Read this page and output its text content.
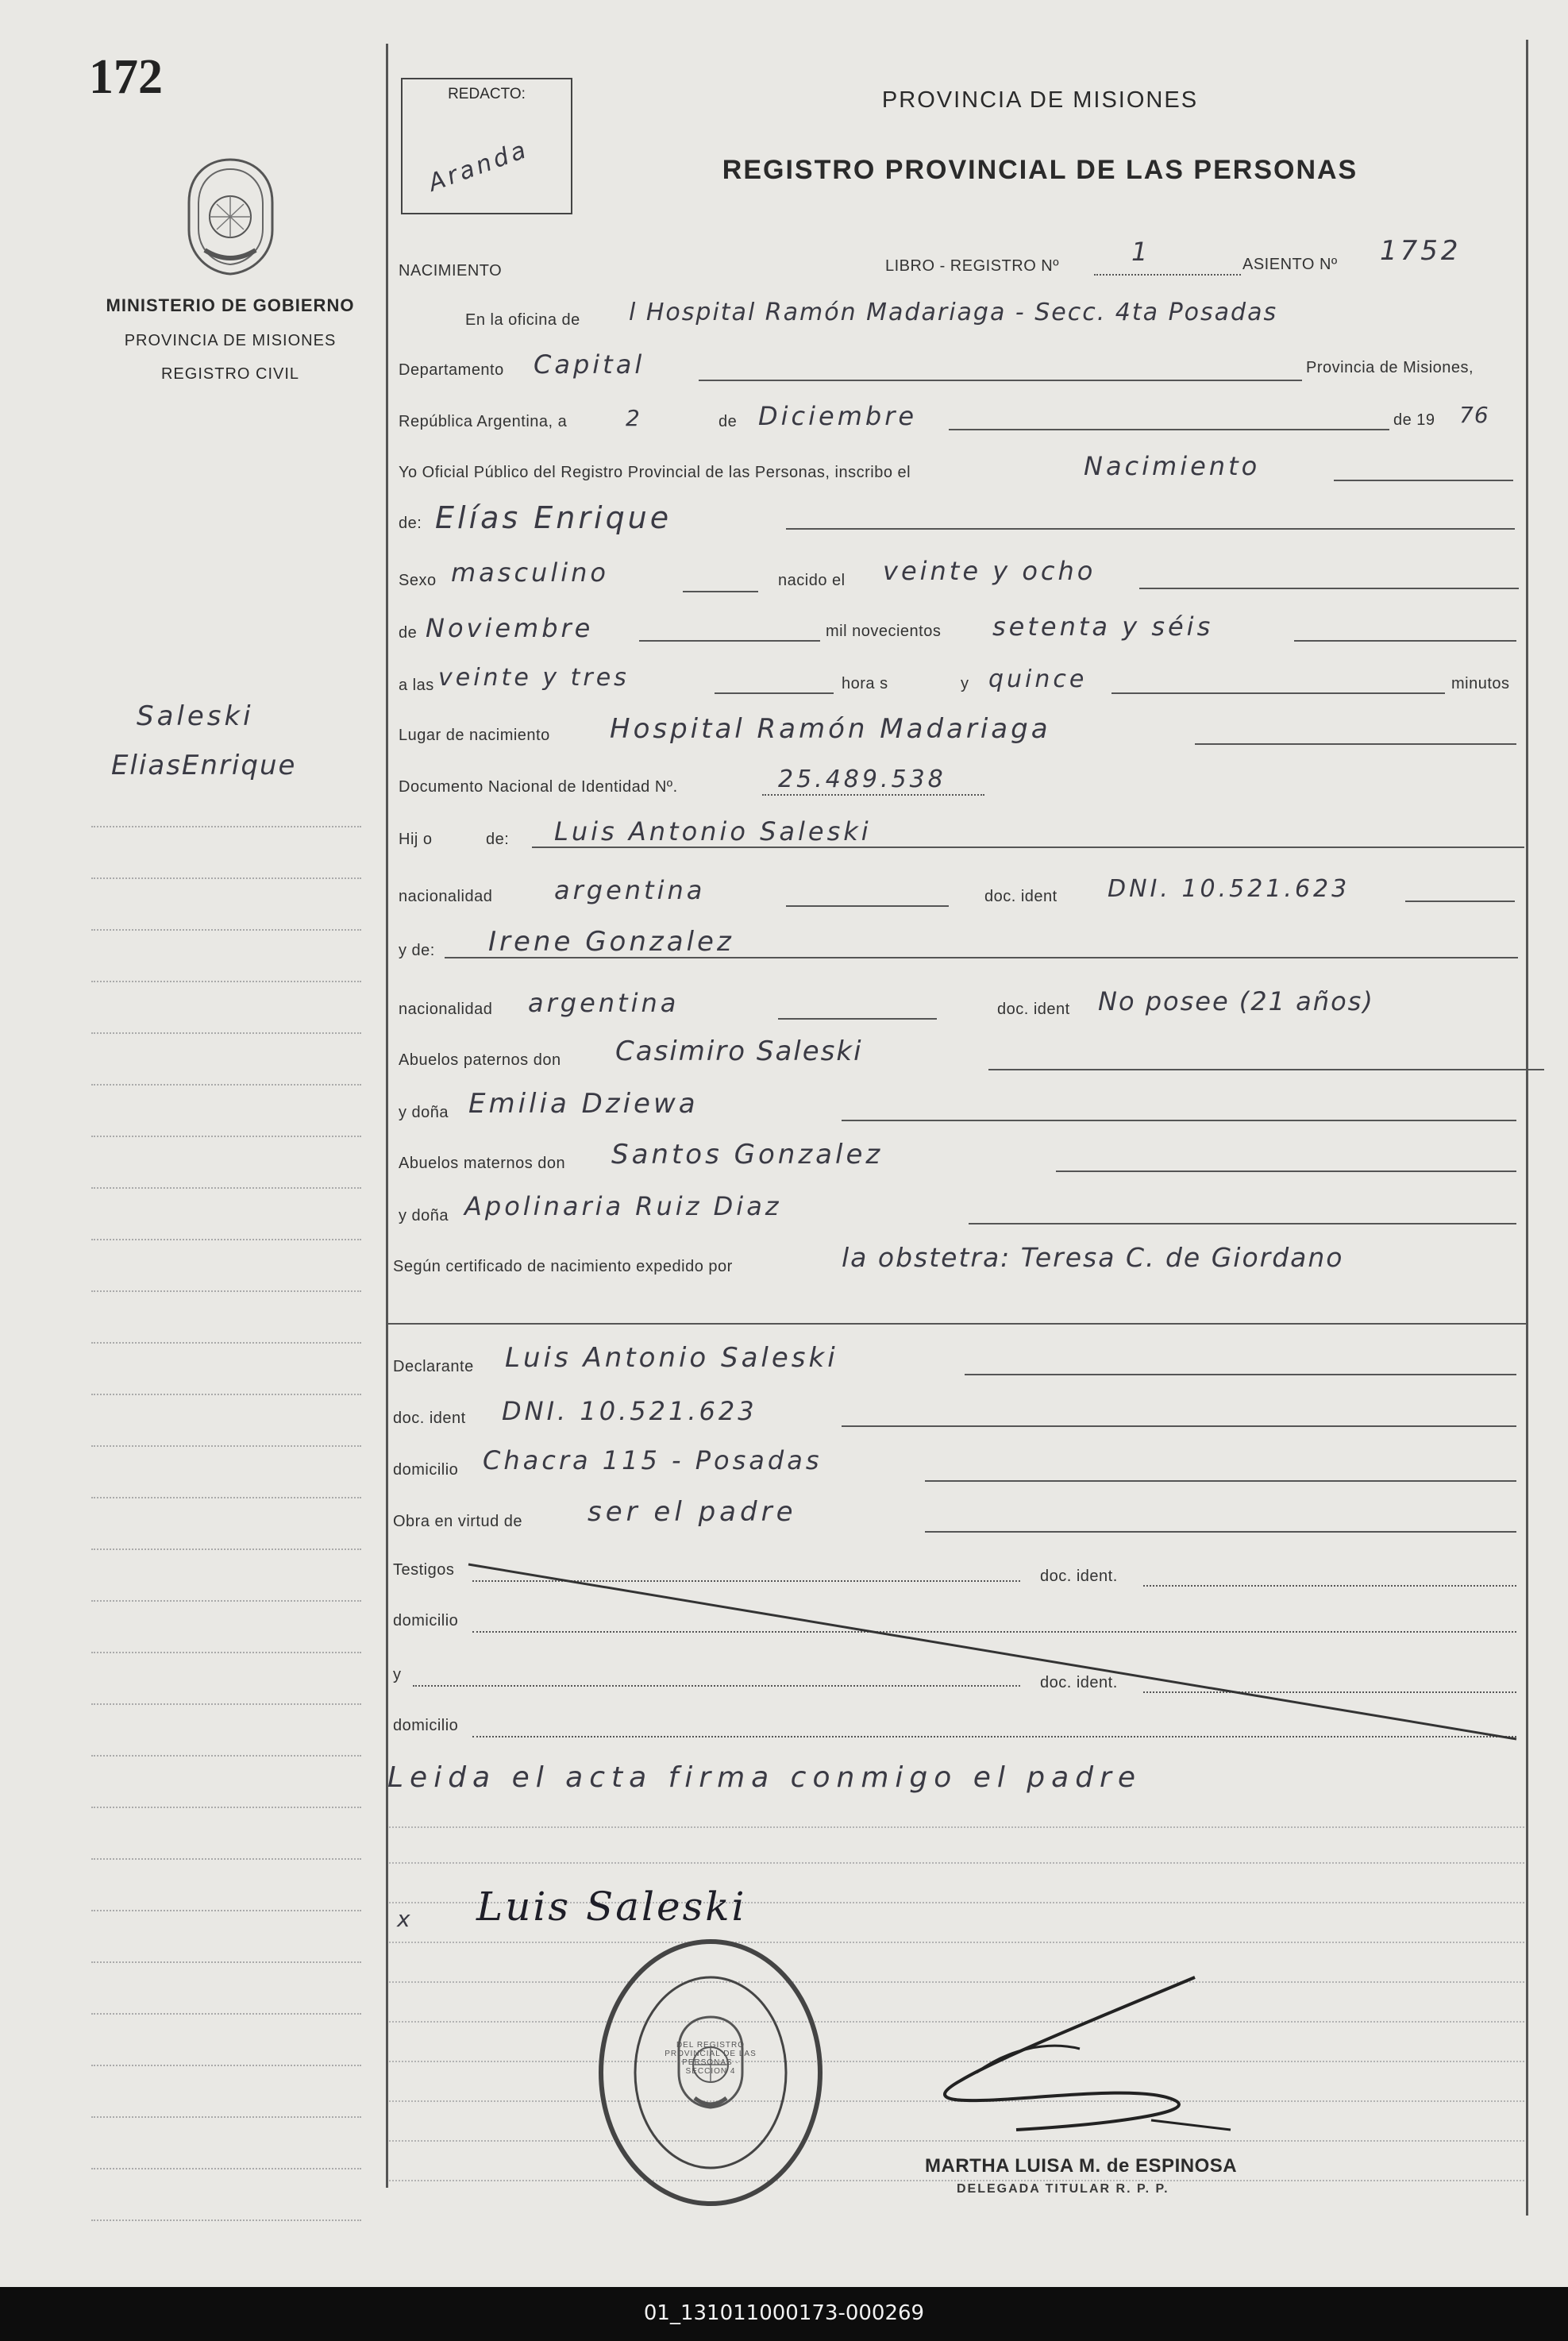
172
MINISTERIO DE GOBIERNO
PROVINCIA DE MISIONES
REGISTRO CIVIL
Saleski
EliasEnrique
REDACTO:
Aranda
PROVINCIA DE MISIONES
REGISTRO PROVINCIAL DE LAS PERSONAS
NACIMIENTO	LIBRO - REGISTRO Nº	1	ASIENTO Nº 1752
En la oficina de l Hospital Ramón Madariaga - Secc. 4ta Posadas
Departamento Capital	Provincia de Misiones,
República Argentina, a	2	de Diciembre	de 19 76
Yo Oficial Público del Registro Provincial de las Personas, inscribo el	Nacimiento
de: Elías Enrique
Sexo masculino	nacido el veinte y ocho
de Noviembre	mil novecientos setenta y séis
a las veinte y tres	hora s	y quince	minutos
Lugar de nacimiento Hospital Ramón Madariaga
Documento Nacional de Identidad Nº.	25.489.538
Hij o	de: Luis Antonio Saleski
nacionalidad argentina	doc. ident DNI. 10.521.623
y de: Irene Gonzalez
nacionalidad argentina	doc. ident No posee (21 años)
Abuelos paternos don Casimiro Saleski
y doña Emilia Dziewa
Abuelos maternos don Santos Gonzalez
y doña Apolinaria Ruiz Diaz
Según certificado de nacimiento expedido por	la obstetra: Teresa C. de Giordano
Declarante Luis Antonio Saleski
doc. ident DNI. 10.521.623
domicilio Chacra 115 - Posadas
Obra en virtud de ser el padre
Testigos	doc. ident.
domicilio
y	doc. ident.
domicilio
Leida el acta firma conmigo el padre
x Luis Saleski
DEL REGISTRO PROVINCIAL DE LAS PERSONAS · SECCION 4
MARTHA LUISA M. de ESPINOSA
DELEGADA TITULAR R. P. P.
01_131011000173-000269
